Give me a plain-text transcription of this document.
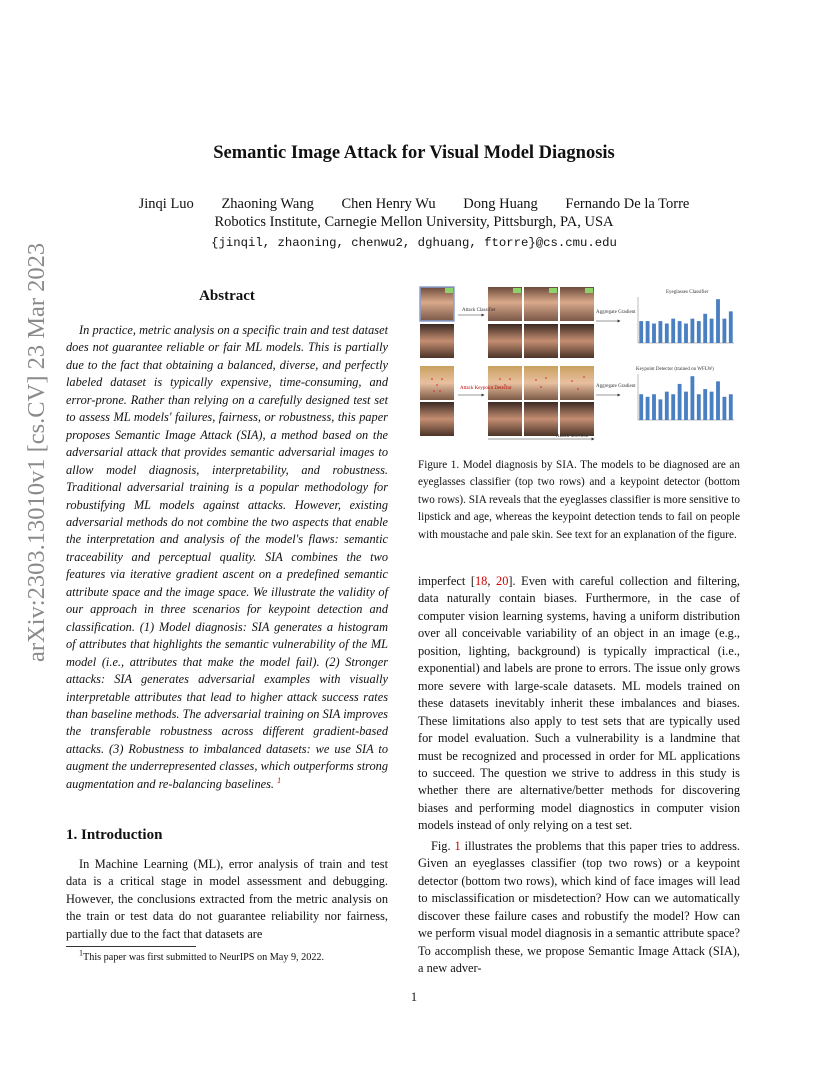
Semantic Image Attack for Visual Model Diagnosis
Jinqi Luo Zhaoning Wang Chen Henry Wu Dong Huang Fernando De la Torre
Robotics Institute, Carnegie Mellon University, Pittsburgh, PA, USA
{jinqil, zhaoning, chenwu2, dghuang, ftorre}@cs.cmu.edu
arXiv:2303.13010v1 [cs.CV] 23 Mar 2023	Abstract
In practice, metric analysis on a specific train and test dataset does not guarantee reliable or fair ML models. This is partially due to the fact that obtaining a balanced, diverse, and perfectly labeled dataset is typically expensive, time-consuming, and error-prone. Rather than relying on a carefully designed test set to assess ML models' failures, fairness, or robustness, this paper proposes Semantic Image Attack (SIA), a method based on the adversarial attack that provides semantic adversarial images to allow model diagnosis, interpretability, and robustness. Traditional adversarial training is a popular methodology for robustifying ML models against attacks. However, existing adversarial methods do not combine the two aspects that enable the interpretation and analysis of the model's flaws: semantic traceability and perceptual quality. SIA combines the two features via iterative gradient ascent on a predefined semantic attribute space and the image space. We illustrate the validity of our approach in three scenarios for keypoint detection and classification. (1) Model diagnosis: SIA generates a histogram of attributes that highlights the semantic vulnerability of the ML model (i.e., attributes that make the model fail). (2) Stronger attacks: SIA generates adversarial examples with visually interpretable attributes that lead to higher attack success rates than baseline methods. The adversarial training on SIA improves the transferable robustness across different gradient-based attacks. (3) Robustness to imbalanced datasets: we use SIA to augment the underrepresented classes, which outperforms strong augmentation and re-balancing baselines. $^1$
1. Introduction
In Machine Learning (ML), error analysis of train and test data is a critical stage in model assessment and debugging. However, the conclusions extracted from the metric analysis on the train or test data do not guarantee reliability nor fairness, partially due to the fact that datasets are
$^1$This paper was first submitted to NeurIPS on May 9, 2022.
Attack Classifier	Aggregate Gradient
Attack Keypoint Detector	Aggregate Gradient
Attack direction
Eyeglasses Classifier
Keypoint Detector (trained on WFLW)
Figure 1. Model diagnosis by SIA. The models to be diagnosed are an eyeglasses classifier (top two rows) and a keypoint detector (bottom two rows). SIA reveals that the eyeglasses classifier is more sensitive to lipstick and age, whereas the keypoint detection tends to fail on people with moustache and pale skin. See text for an explanation of the figure.

imperfect [18, 20]. Even with careful collection and filtering, data naturally contain biases. Furthermore, in the case of computer vision learning systems, having a uniform distribution over all conceivable variability of an object in an image (e.g., position, lighting, background) is typically impractical (i.e., exponential) and labels are prone to errors. The issue only grows more severe with large-scale datasets. ML models trained on these datasets inevitably inherit these imbalances and biases. These limitations also apply to test sets that are typically used for model evaluation. Such a vulnerability is a landmine that must be recognized and processed in order for ML applications to succeed. The question we strive to address in this study is whether there are alternative/better methods for discovering biases and performing model diagnostics in computer vision models instead of only relying on a test set.

Fig. 1 illustrates the problems that this paper tries to address. Given an eyeglasses classifier (top two rows) or a keypoint detector (bottom two rows), which kind of face images will lead to misclassification or misdetection? How can we automatically discover these failure cases and robustify the model? How can we perform visual model diagnosis in a semantic attribute space? To accomplish these, we propose Semantic Image Attack (SIA), a new adver-

1
